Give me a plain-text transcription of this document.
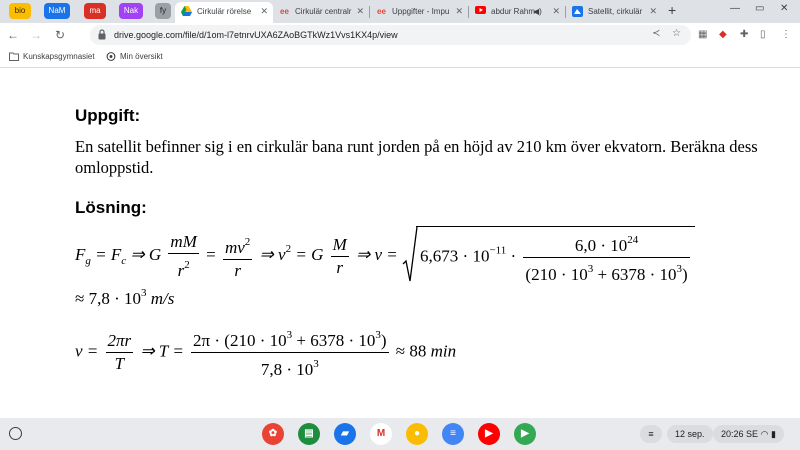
bio	NaM	ma	Nak	fy	Cirkulär rörelse ✕ ee Cirkulär centralr ✕ ee Uppgifter - Impu ✕	abdur Rahm
◀) ✕	Satellit, cirkulär ✕ +	— ▭ ✕
← → ↻	drive.google.com/file/d/1om-l7etnrvUXA6ZAoBGTkWz1Vvs1KX4p/view	≺ ☆ ▦ ◆ ✚ ▯ ⋮
Kunskapsgymnasiet	Min översikt
Uppgift:
En satellit befinner sig i en cirkulär bana runt jorden på en höjd av 210 km över ekvatorn. Beräkna dess omloppstid.
Lösning:
$F_g = F_c$ ⇒ G $\frac{mM}{r^2} = \frac{mv^2}{r}$ ⇒ $v^2 = G \frac{M}{r}$ ⇒ v =
$6,673 \cdot 10^{-11} \cdot \frac{6,0 \cdot 10^{24}}{(210 \cdot 10^3 + 6378 \cdot 10^3)}$
≈ $7,8 \cdot 10^3$ m/s
$v = \frac{2\pi r}{T}$ ⇒ $T = \frac{2\pi \cdot (210 \cdot 10^3 + 6378 \cdot 10^3)}{7,8 \cdot 10^3} \approx 88$ min
✿	▤	▰	M	●	≡	▶	▶	≡	12 sep.	20:26 SE ◠ ▮
